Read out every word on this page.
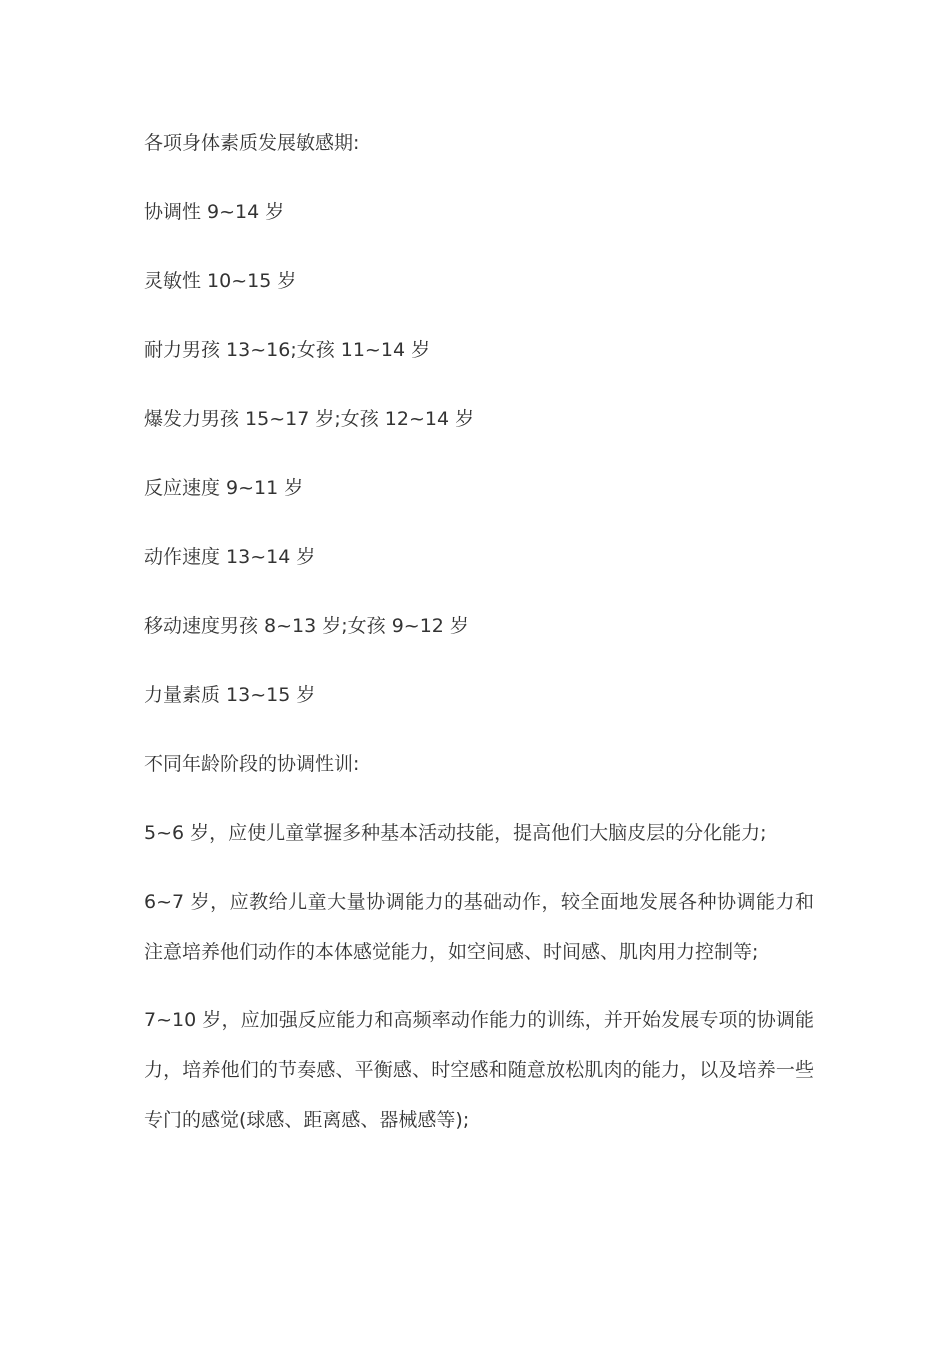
各项身体素质发展敏感期:

协调性 9~14 岁

灵敏性 10~15 岁

耐力男孩 13~16;女孩 11~14 岁

爆发力男孩 15~17 岁;女孩 12~14 岁

反应速度 9~11 岁

动作速度 13~14 岁

移动速度男孩 8~13 岁;女孩 9~12 岁

力量素质 13~15 岁

不同年龄阶段的协调性训:

5~6 岁，应使儿童掌握多种基本活动技能，提高他们大脑皮层的分化能力;

6~7 岁，应教给儿童大量协调能力的基础动作，较全面地发展各种协调能力和注意培养他们动作的本体感觉能力，如空间感、时间感、肌肉用力控制等;

7~10 岁，应加强反应能力和高频率动作能力的训练，并开始发展专项的协调能力，培养他们的节奏感、平衡感、时空感和随意放松肌肉的能力，以及培养一些专门的感觉(球感、距离感、器械感等);
